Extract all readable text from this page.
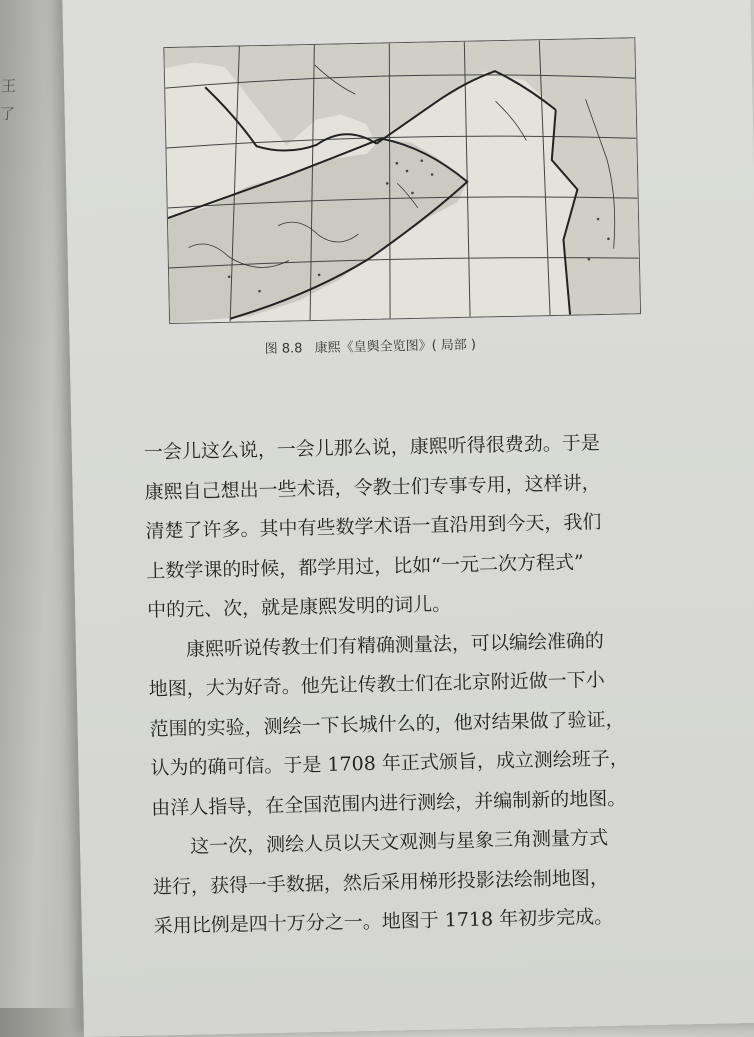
王
了
图 8.8 康熙《皇舆全览图》( 局部 )

一会儿这么说，一会儿那么说，康熙听得很费劲。于是
康熙自己想出一些术语，令教士们专事专用，这样讲，
清楚了许多。其中有些数学术语一直沿用到今天，我们
上数学课的时候，都学用过，比如“一元二次方程式”
中的元、次，就是康熙发明的词儿。

康熙听说传教士们有精确测量法，可以编绘准确的
地图，大为好奇。他先让传教士们在北京附近做一下小
范围的实验，测绘一下长城什么的，他对结果做了验证，
认为的确可信。于是 1708 年正式颁旨，成立测绘班子，
由洋人指导，在全国范围内进行测绘，并编制新的地图。

这一次，测绘人员以天文观测与星象三角测量方式
进行，获得一手数据，然后采用梯形投影法绘制地图，
采用比例是四十万分之一。地图于 1718 年初步完成。
